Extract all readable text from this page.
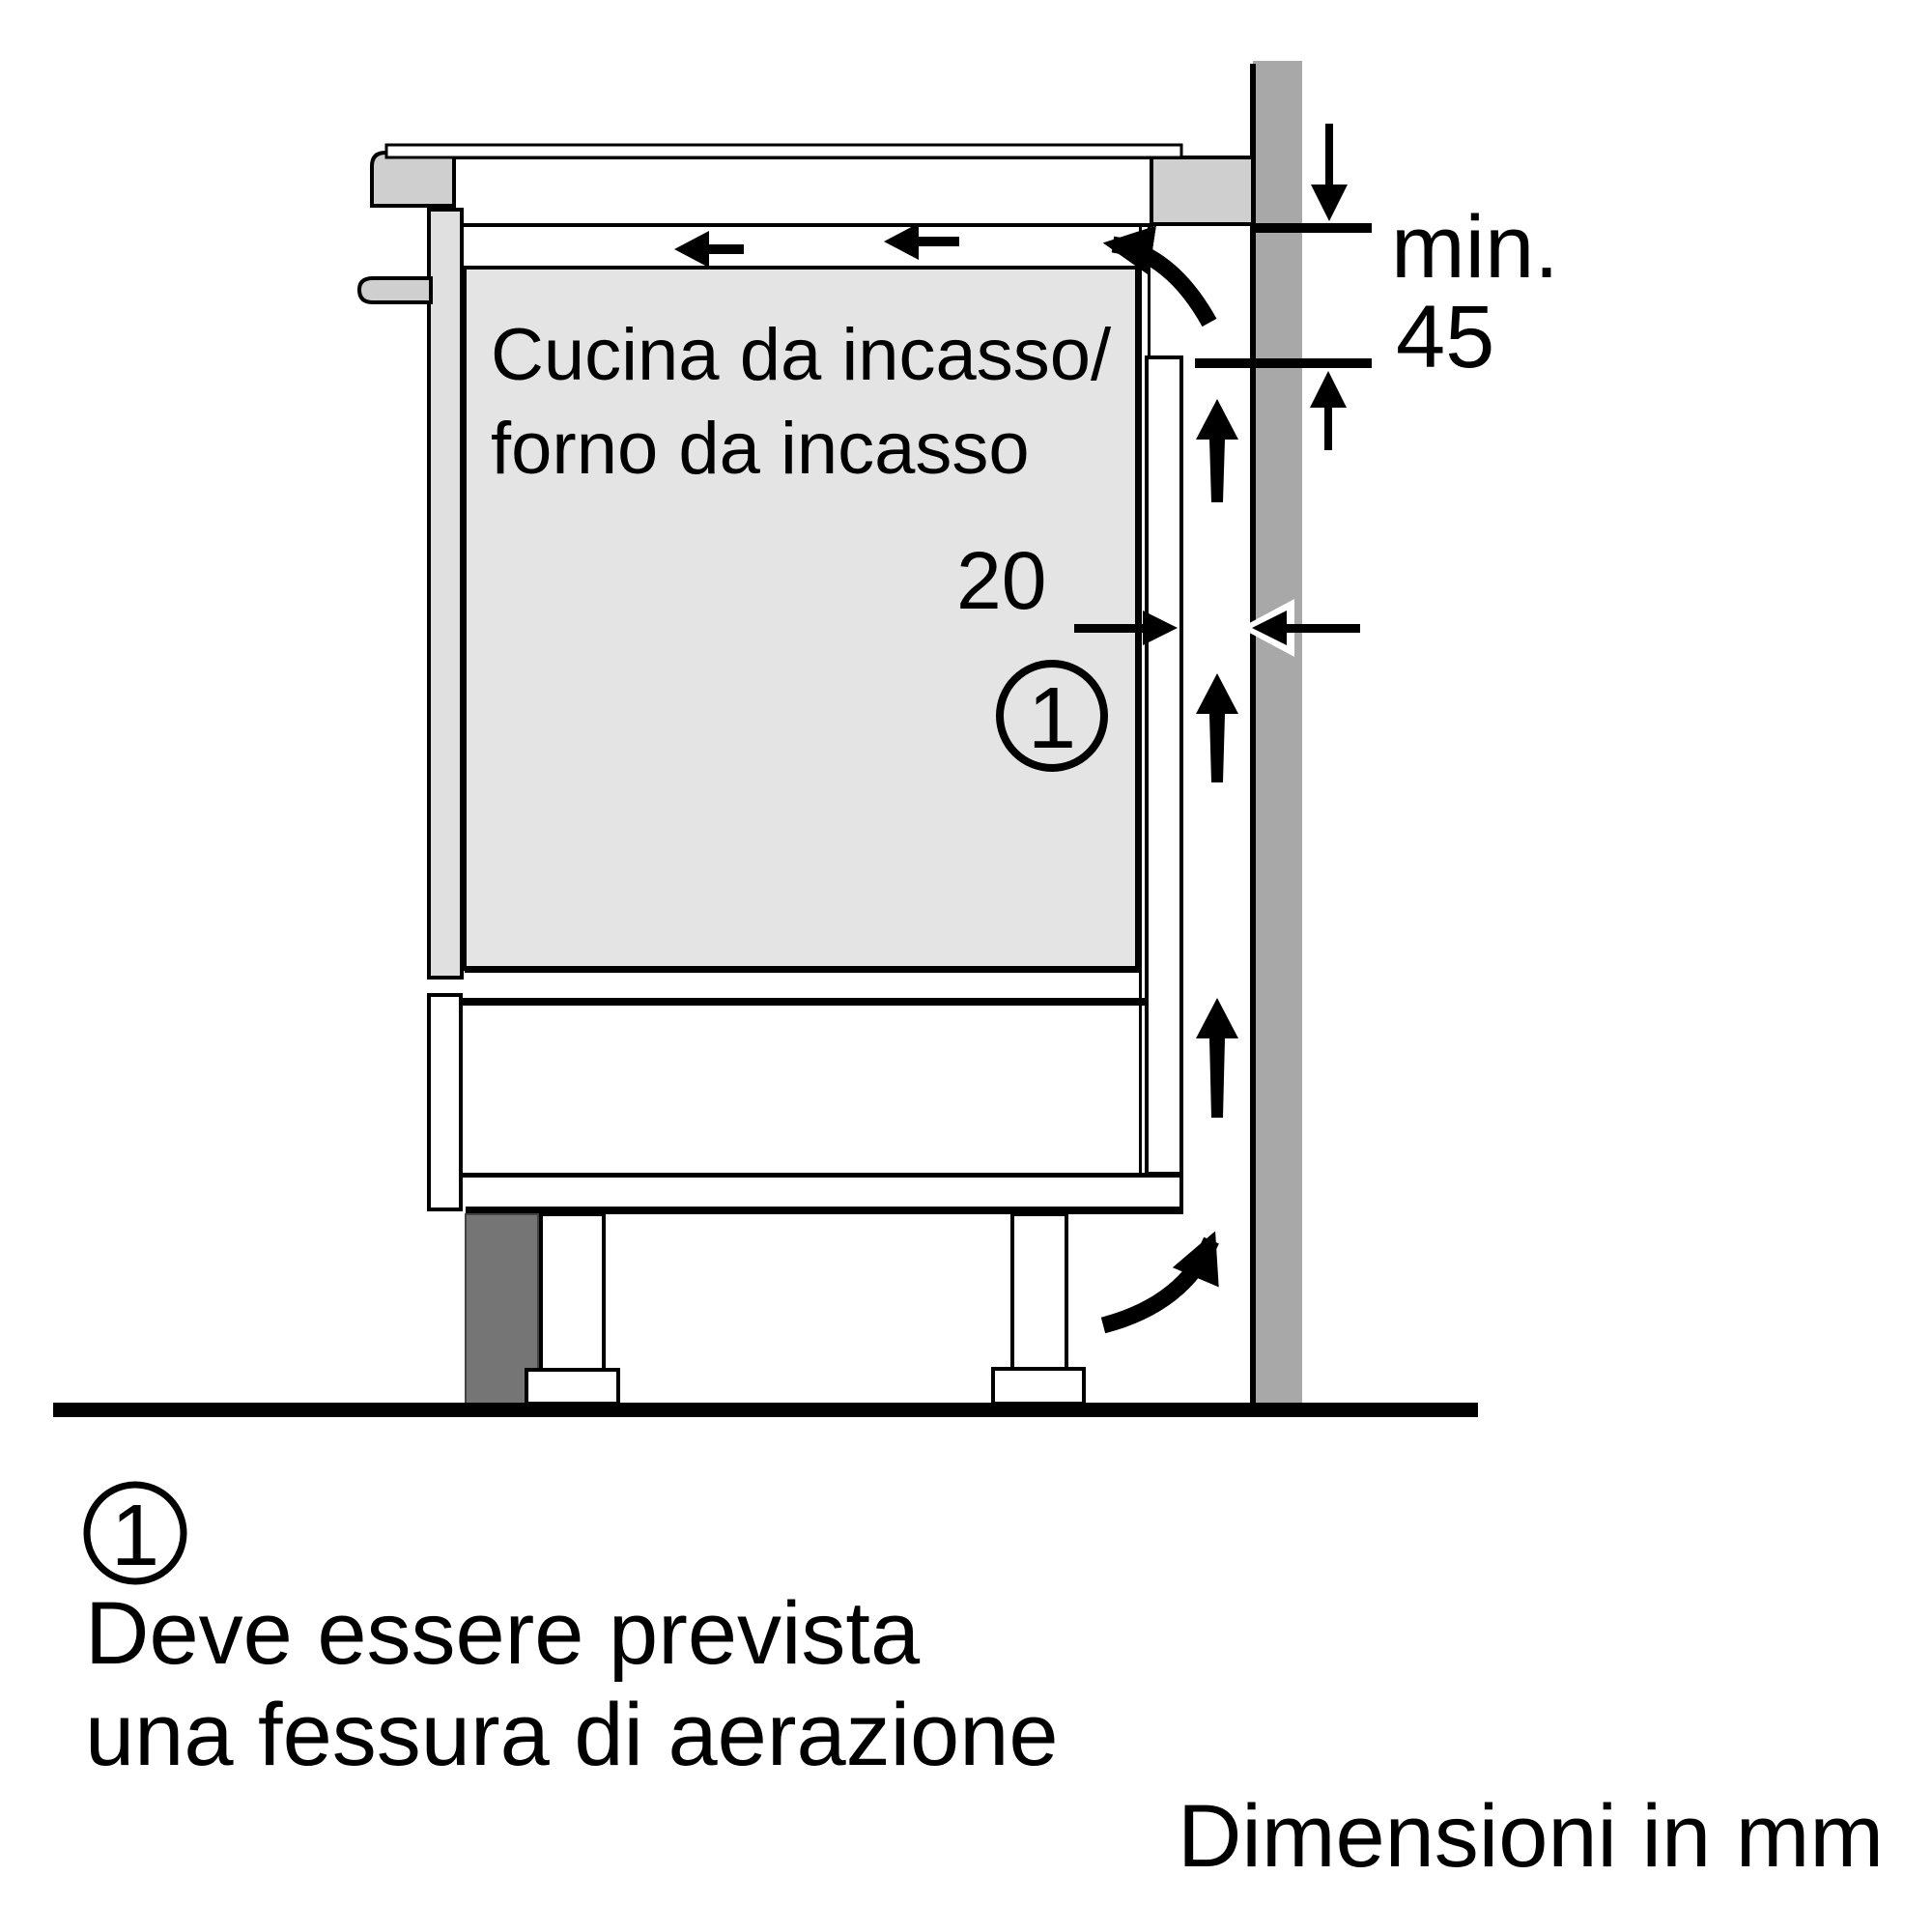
Cucina da incasso/
forno da incasso
min.
45
20
1
1
Deve essere prevista
una fessura di aerazione
Dimensioni in mm
